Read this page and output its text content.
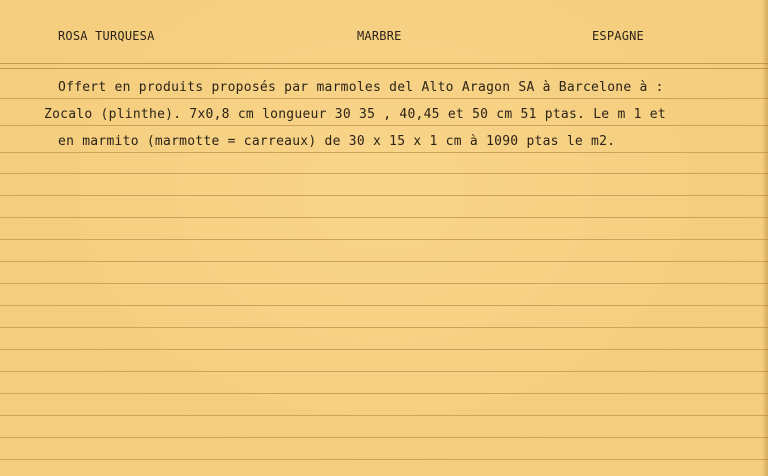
ROSA TURQUESA	MARBRE	ESPAGNE
Offert en produits proposés par marmoles del Alto Aragon SA à Barcelone à :
Zocalo (plinthe). 7x0,8 cm longueur 30 35 , 40,45 et 50 cm 51 ptas. Le m 1 et
en marmito (marmotte = carreaux) de 30 x 15 x 1 cm à 1090 ptas le m2.
